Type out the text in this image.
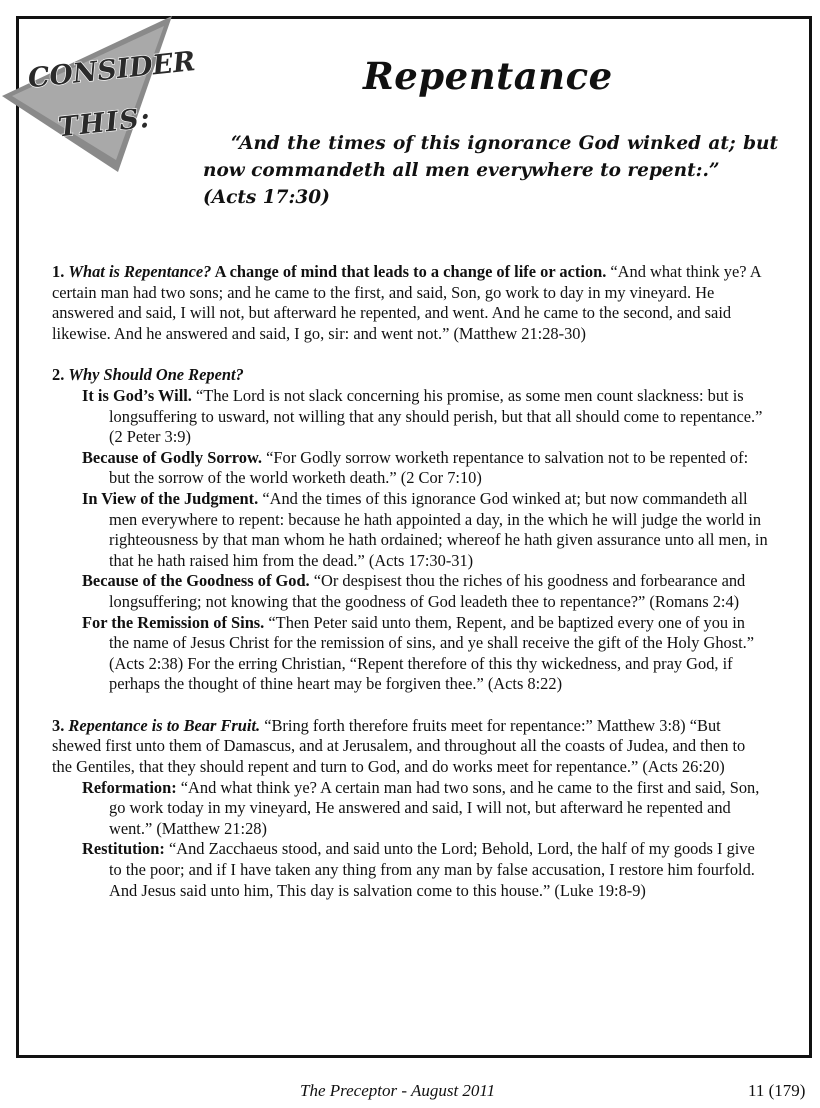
CONSIDER
THIS:
Repentance

“And the times of this ignorance God winked at; but now commandeth all men everywhere to repent:.”
(Acts 17:30)

1. What is Repentance? A change of mind that leads to a change of life or action. “And what think ye? A certain man had two sons; and he came to the first, and said, Son, go work to day in my vineyard. He answered and said, I will not, but afterward he repented, and went. And he came to the second, and said likewise. And he answered and said, I go, sir: and went not.” (Matthew 21:28-30)

2. Why Should One Repent?

It is God’s Will. “The Lord is not slack concerning his promise, as some men count slackness: but is longsuffering to usward, not willing that any should perish, but that all should come to repentance.” (2 Peter 3:9)

Because of Godly Sorrow. “For Godly sorrow worketh repentance to salvation not to be repented of: but the sorrow of the world worketh death.” (2 Cor 7:10)

In View of the Judgment. “And the times of this ignorance God winked at; but now commandeth all men everywhere to repent: because he hath appointed a day, in the which he will judge the world in righteousness by that man whom he hath ordained; whereof he hath given assurance unto all men, in that he hath raised him from the dead.” (Acts 17:30-31)

Because of the Goodness of God. “Or despisest thou the riches of his goodness and forbearance and longsuffering; not knowing that the goodness of God leadeth thee to repentance?” (Romans 2:4)

For the Remission of Sins. “Then Peter said unto them, Repent, and be baptized every one of you in the name of Jesus Christ for the remission of sins, and ye shall receive the gift of the Holy Ghost.” (Acts 2:38) For the erring Christian, “Repent therefore of this thy wickedness, and pray God, if perhaps the thought of thine heart may be forgiven thee.” (Acts 8:22)

3. Repentance is to Bear Fruit. “Bring forth therefore fruits meet for repentance:” Matthew 3:8) “But shewed first unto them of Damascus, and at Jerusalem, and throughout all the coasts of Judea, and then to the Gentiles, that they should repent and turn to God, and do works meet for repentance.” (Acts 26:20)

Reformation: “And what think ye? A certain man had two sons, and he came to the first and said, Son, go work today in my vineyard, He answered and said, I will not, but afterward he repented and went.” (Matthew 21:28)

Restitution: “And Zacchaeus stood, and said unto the Lord; Behold, Lord, the half of my goods I give to the poor; and if I have taken any thing from any man by false accusation, I restore him fourfold. And Jesus said unto him, This day is salvation come to this house.” (Luke 19:8-9)

The Preceptor - August 2011	11 (179)
